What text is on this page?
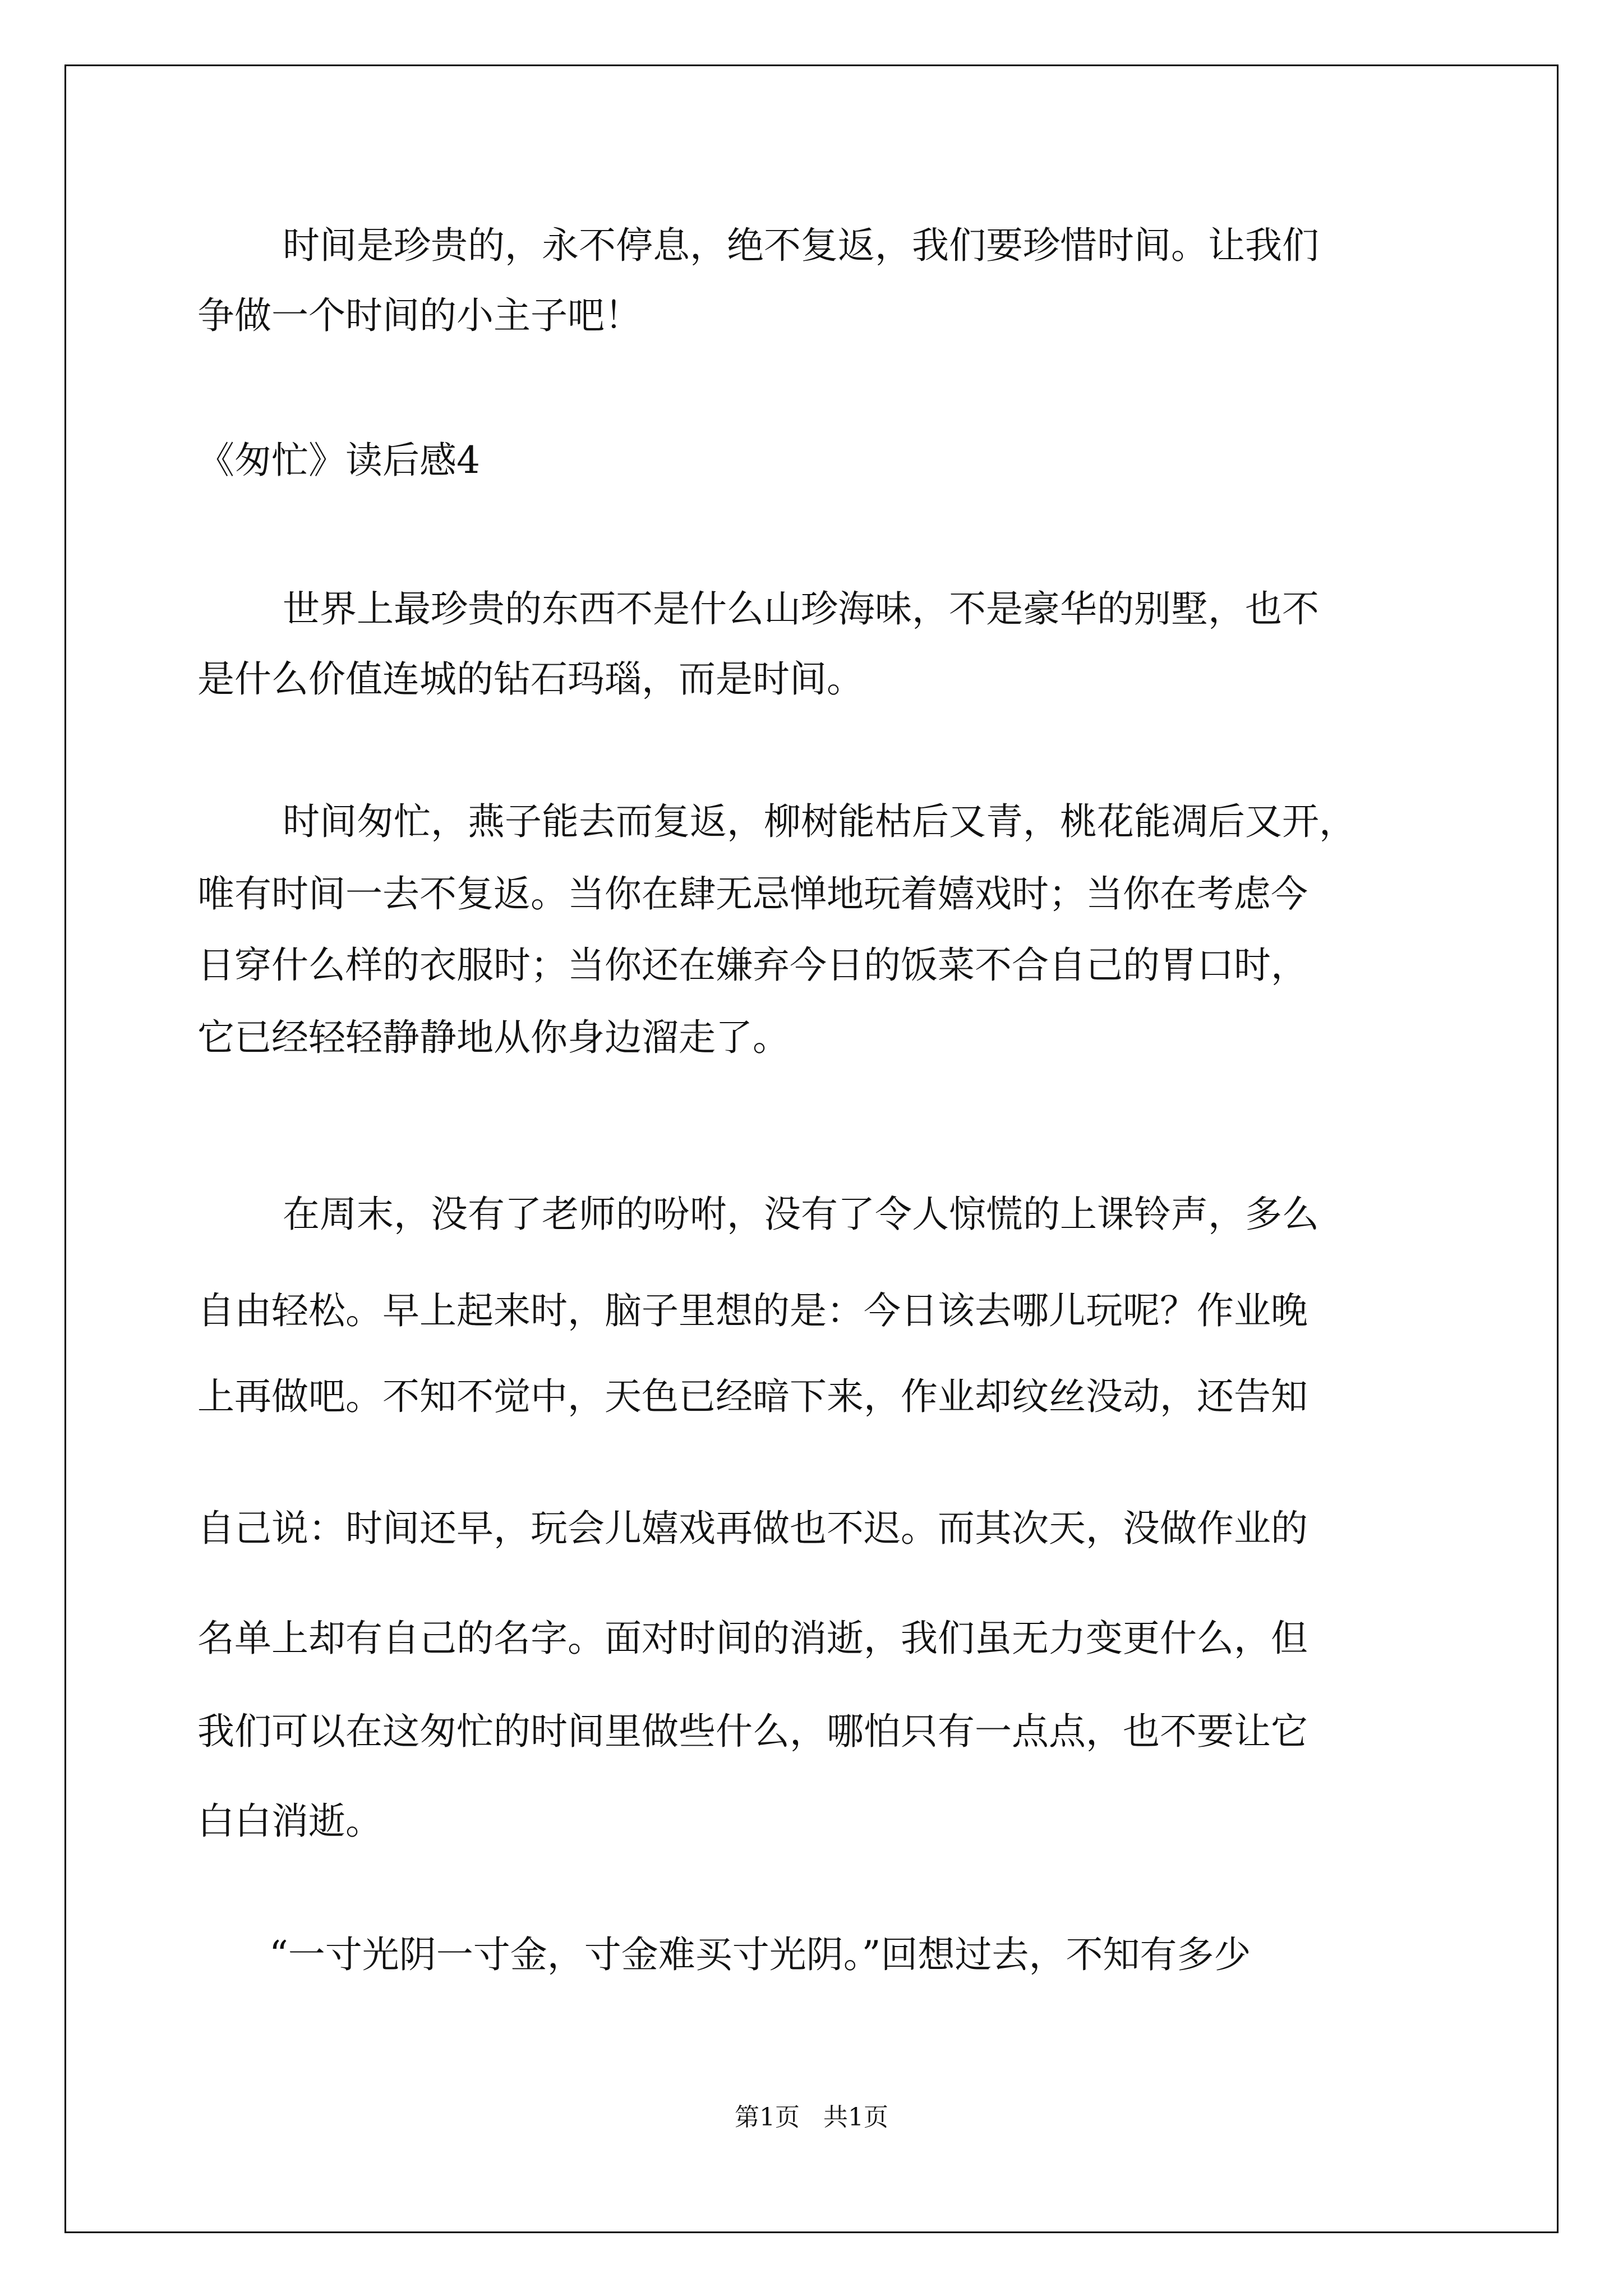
时间是珍贵的，永不停息，绝不复返，我们要珍惜时间。让我们

争做一个时间的小主子吧！

《匆忙》读后感4

世界上最珍贵的东西不是什么山珍海味，不是豪华的别墅，也不

是什么价值连城的钻石玛瑙，而是时间。

时间匆忙，燕子能去而复返，柳树能枯后又青，桃花能凋后又开，

唯有时间一去不复返。当你在肆无忌惮地玩着嬉戏时；当你在考虑今

日穿什么样的衣服时；当你还在嫌弃今日的饭菜不合自己的胃口时，

它已经轻轻静静地从你身边溜走了。

在周末，没有了老师的吩咐，没有了令人惊慌的上课铃声，多么

自由轻松。早上起来时，脑子里想的是：今日该去哪儿玩呢？作业晚

上再做吧。不知不觉中，天色已经暗下来，作业却纹丝没动，还告知

自己说：时间还早，玩会儿嬉戏再做也不迟。而其次天，没做作业的

名单上却有自己的名字。面对时间的消逝，我们虽无力变更什么，但

我们可以在这匆忙的时间里做些什么，哪怕只有一点点，也不要让它

白白消逝。

“一寸光阴一寸金，寸金难买寸光阴。”回想过去，不知有多少

第1页 共1页
